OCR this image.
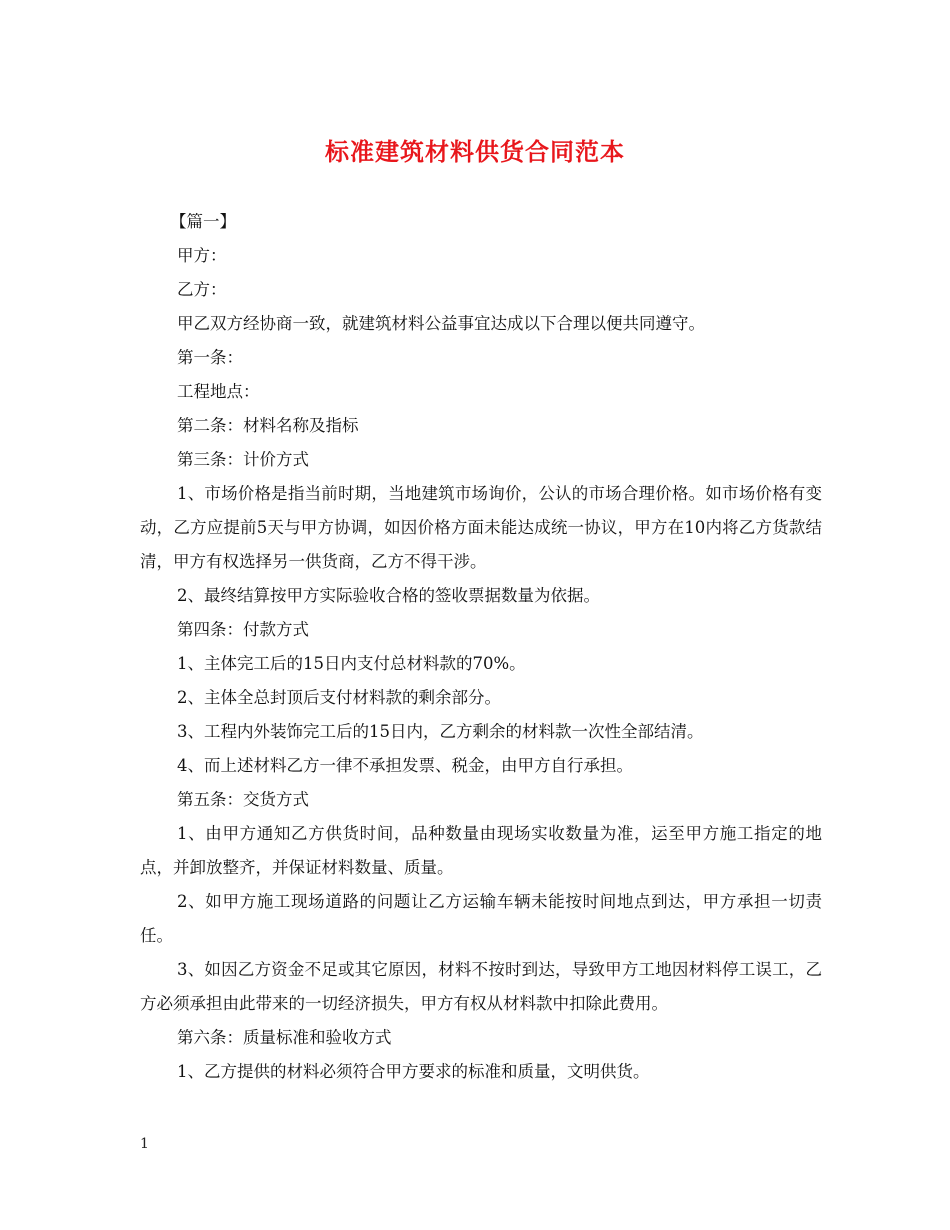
标准建筑材料供货合同范本

【篇一】

甲方：

乙方：

甲乙双方经协商一致，就建筑材料公益事宜达成以下合理以便共同遵守。

第一条：

工程地点：

第二条：材料名称及指标

第三条：计价方式

1、市场价格是指当前时期，当地建筑市场询价，公认的市场合理价格。如市场价格有变动，乙方应提前5天与甲方协调，如因价格方面未能达成统一协议，甲方在10内将乙方货款结清，甲方有权选择另一供货商，乙方不得干涉。

2、最终结算按甲方实际验收合格的签收票据数量为依据。

第四条：付款方式

1、主体完工后的15日内支付总材料款的70%。

2、主体全总封顶后支付材料款的剩余部分。

3、工程内外装饰完工后的15日内，乙方剩余的材料款一次性全部结清。

4、而上述材料乙方一律不承担发票、税金，由甲方自行承担。

第五条：交货方式

1、由甲方通知乙方供货时间，品种数量由现场实收数量为准，运至甲方施工指定的地点，并卸放整齐，并保证材料数量、质量。

2、如甲方施工现场道路的问题让乙方运输车辆未能按时间地点到达，甲方承担一切责任。

3、如因乙方资金不足或其它原因，材料不按时到达，导致甲方工地因材料停工误工，乙方必须承担由此带来的一切经济损失，甲方有权从材料款中扣除此费用。

第六条：质量标准和验收方式

1、乙方提供的材料必须符合甲方要求的标准和质量，文明供货。

1
